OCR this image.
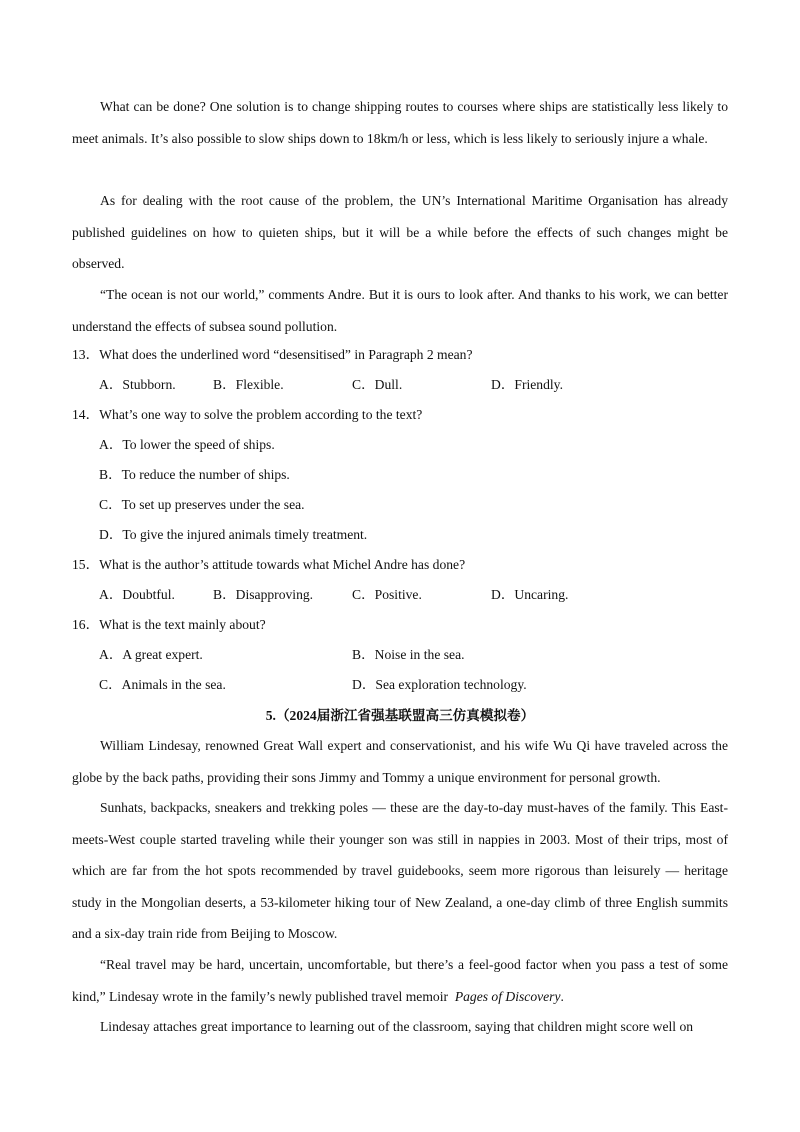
What can be done? One solution is to change shipping routes to courses where ships are statistically less likely to meet animals. It’s also possible to slow ships down to 18km/h or less, which is less likely to seriously injure a whale.

As for dealing with the root cause of the problem, the UN’s International Maritime Organisation has already published guidelines on how to quieten ships, but it will be a while before the effects of such changes might be observed.

“The ocean is not our world,” comments Andre. But it is ours to look after. And thanks to his work, we can better understand the effects of subsea sound pollution.

13．What does the underlined word “desensitised” in Paragraph 2 mean?
A．Stubborn.	B．Flexible.	C．Dull.	D．Friendly.
14．What’s one way to solve the problem according to the text?
A．To lower the speed of ships.
B．To reduce the number of ships.
C．To set up preserves under the sea.
D．To give the injured animals timely treatment.
15．What is the author’s attitude towards what Michel Andre has done?
A．Doubtful.	B．Disapproving.	C．Positive.	D．Uncaring.
16．What is the text mainly about?
A．A great expert.	B．Noise in the sea.
C．Animals in the sea.	D．Sea exploration technology.
5.（2024届浙江省强基联盟高三仿真模拟卷）

William Lindesay, renowned Great Wall expert and conservationist, and his wife Wu Qi have traveled across the globe by the back paths, providing their sons Jimmy and Tommy a unique environment for personal growth.

Sunhats, backpacks, sneakers and trekking poles — these are the day-to-day must-haves of the family. This East-meets-West couple started traveling while their younger son was still in nappies in 2003. Most of their trips, most of which are far from the hot spots recommended by travel guidebooks, seem more rigorous than leisurely — heritage study in the Mongolian deserts, a 53-kilometer hiking tour of New Zealand, a one-day climb of three English summits and a six-day train ride from Beijing to Moscow.

“Real travel may be hard, uncertain, uncomfortable, but there’s a feel-good factor when you pass a test of some kind,” Lindesay wrote in the family’s newly published travel memoir Pages of Discovery.

Lindesay attaches great importance to learning out of the classroom, saying that children might score well on
